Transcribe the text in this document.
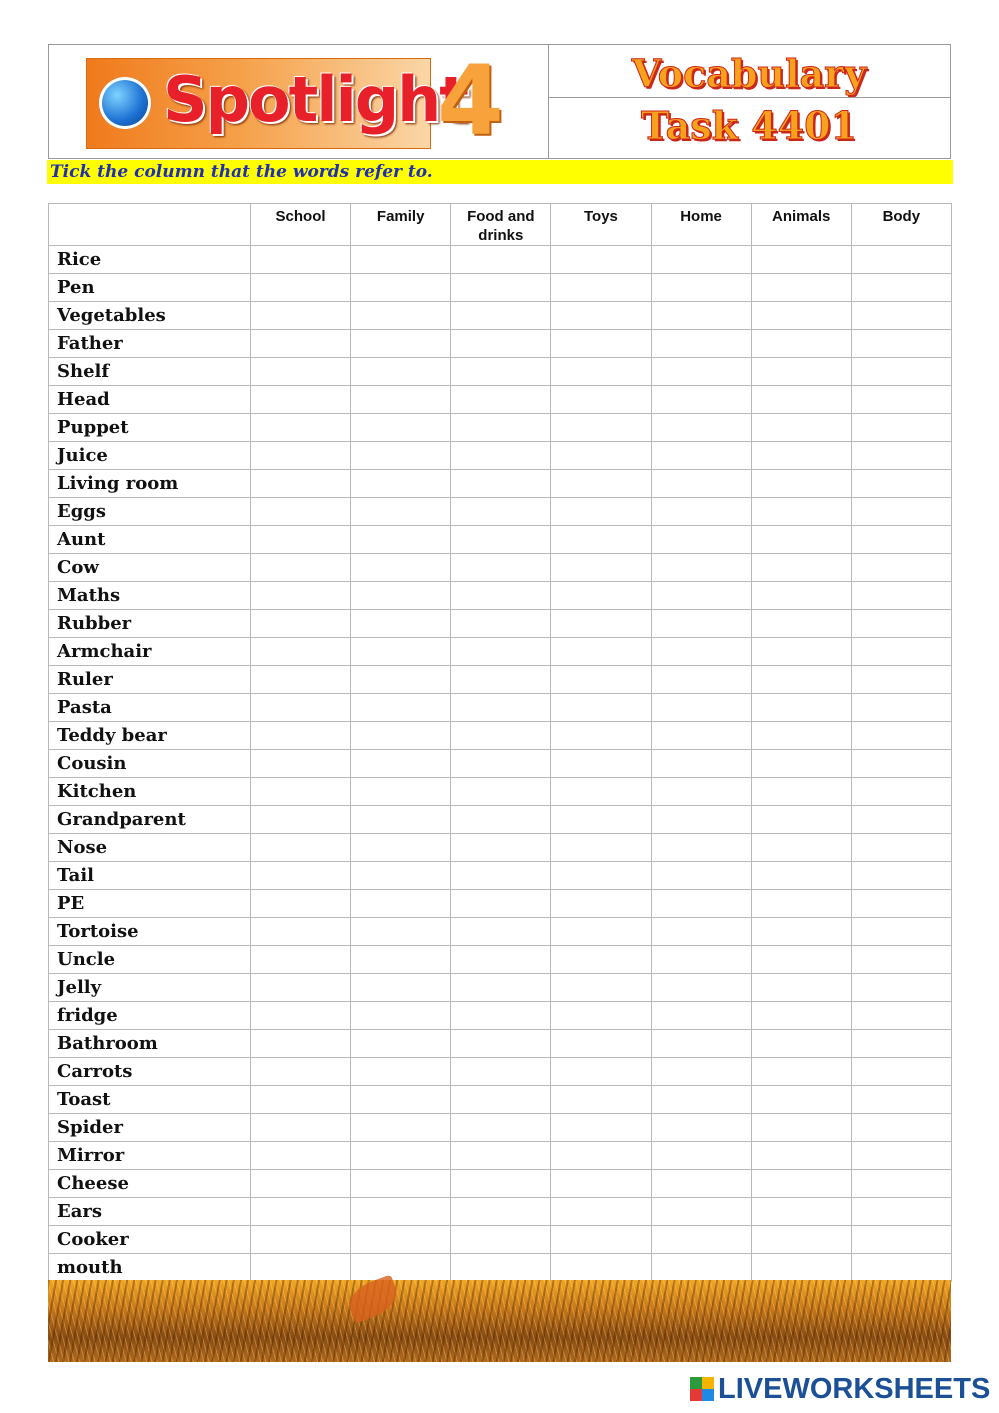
Spotlight
4	Vocabulary
Task 4401
Tick the column that the words refer to.
	School	Family	Food and drinks	Toys	Home	Animals	Body
Rice							
Pen							
Vegetables							
Father							
Shelf							
Head							
Puppet							
Juice							
Living room							
Eggs							
Aunt							
Cow							
Maths							
Rubber							
Armchair							
Ruler							
Pasta							
Teddy bear							
Cousin							
Kitchen							
Grandparent							
Nose							
Tail							
PE							
Tortoise							
Uncle							
Jelly							
fridge							
Bathroom							
Carrots							
Toast							
Spider							
Mirror							
Cheese							
Ears							
Cooker							
mouth							
LIVEWORKSHEETS
